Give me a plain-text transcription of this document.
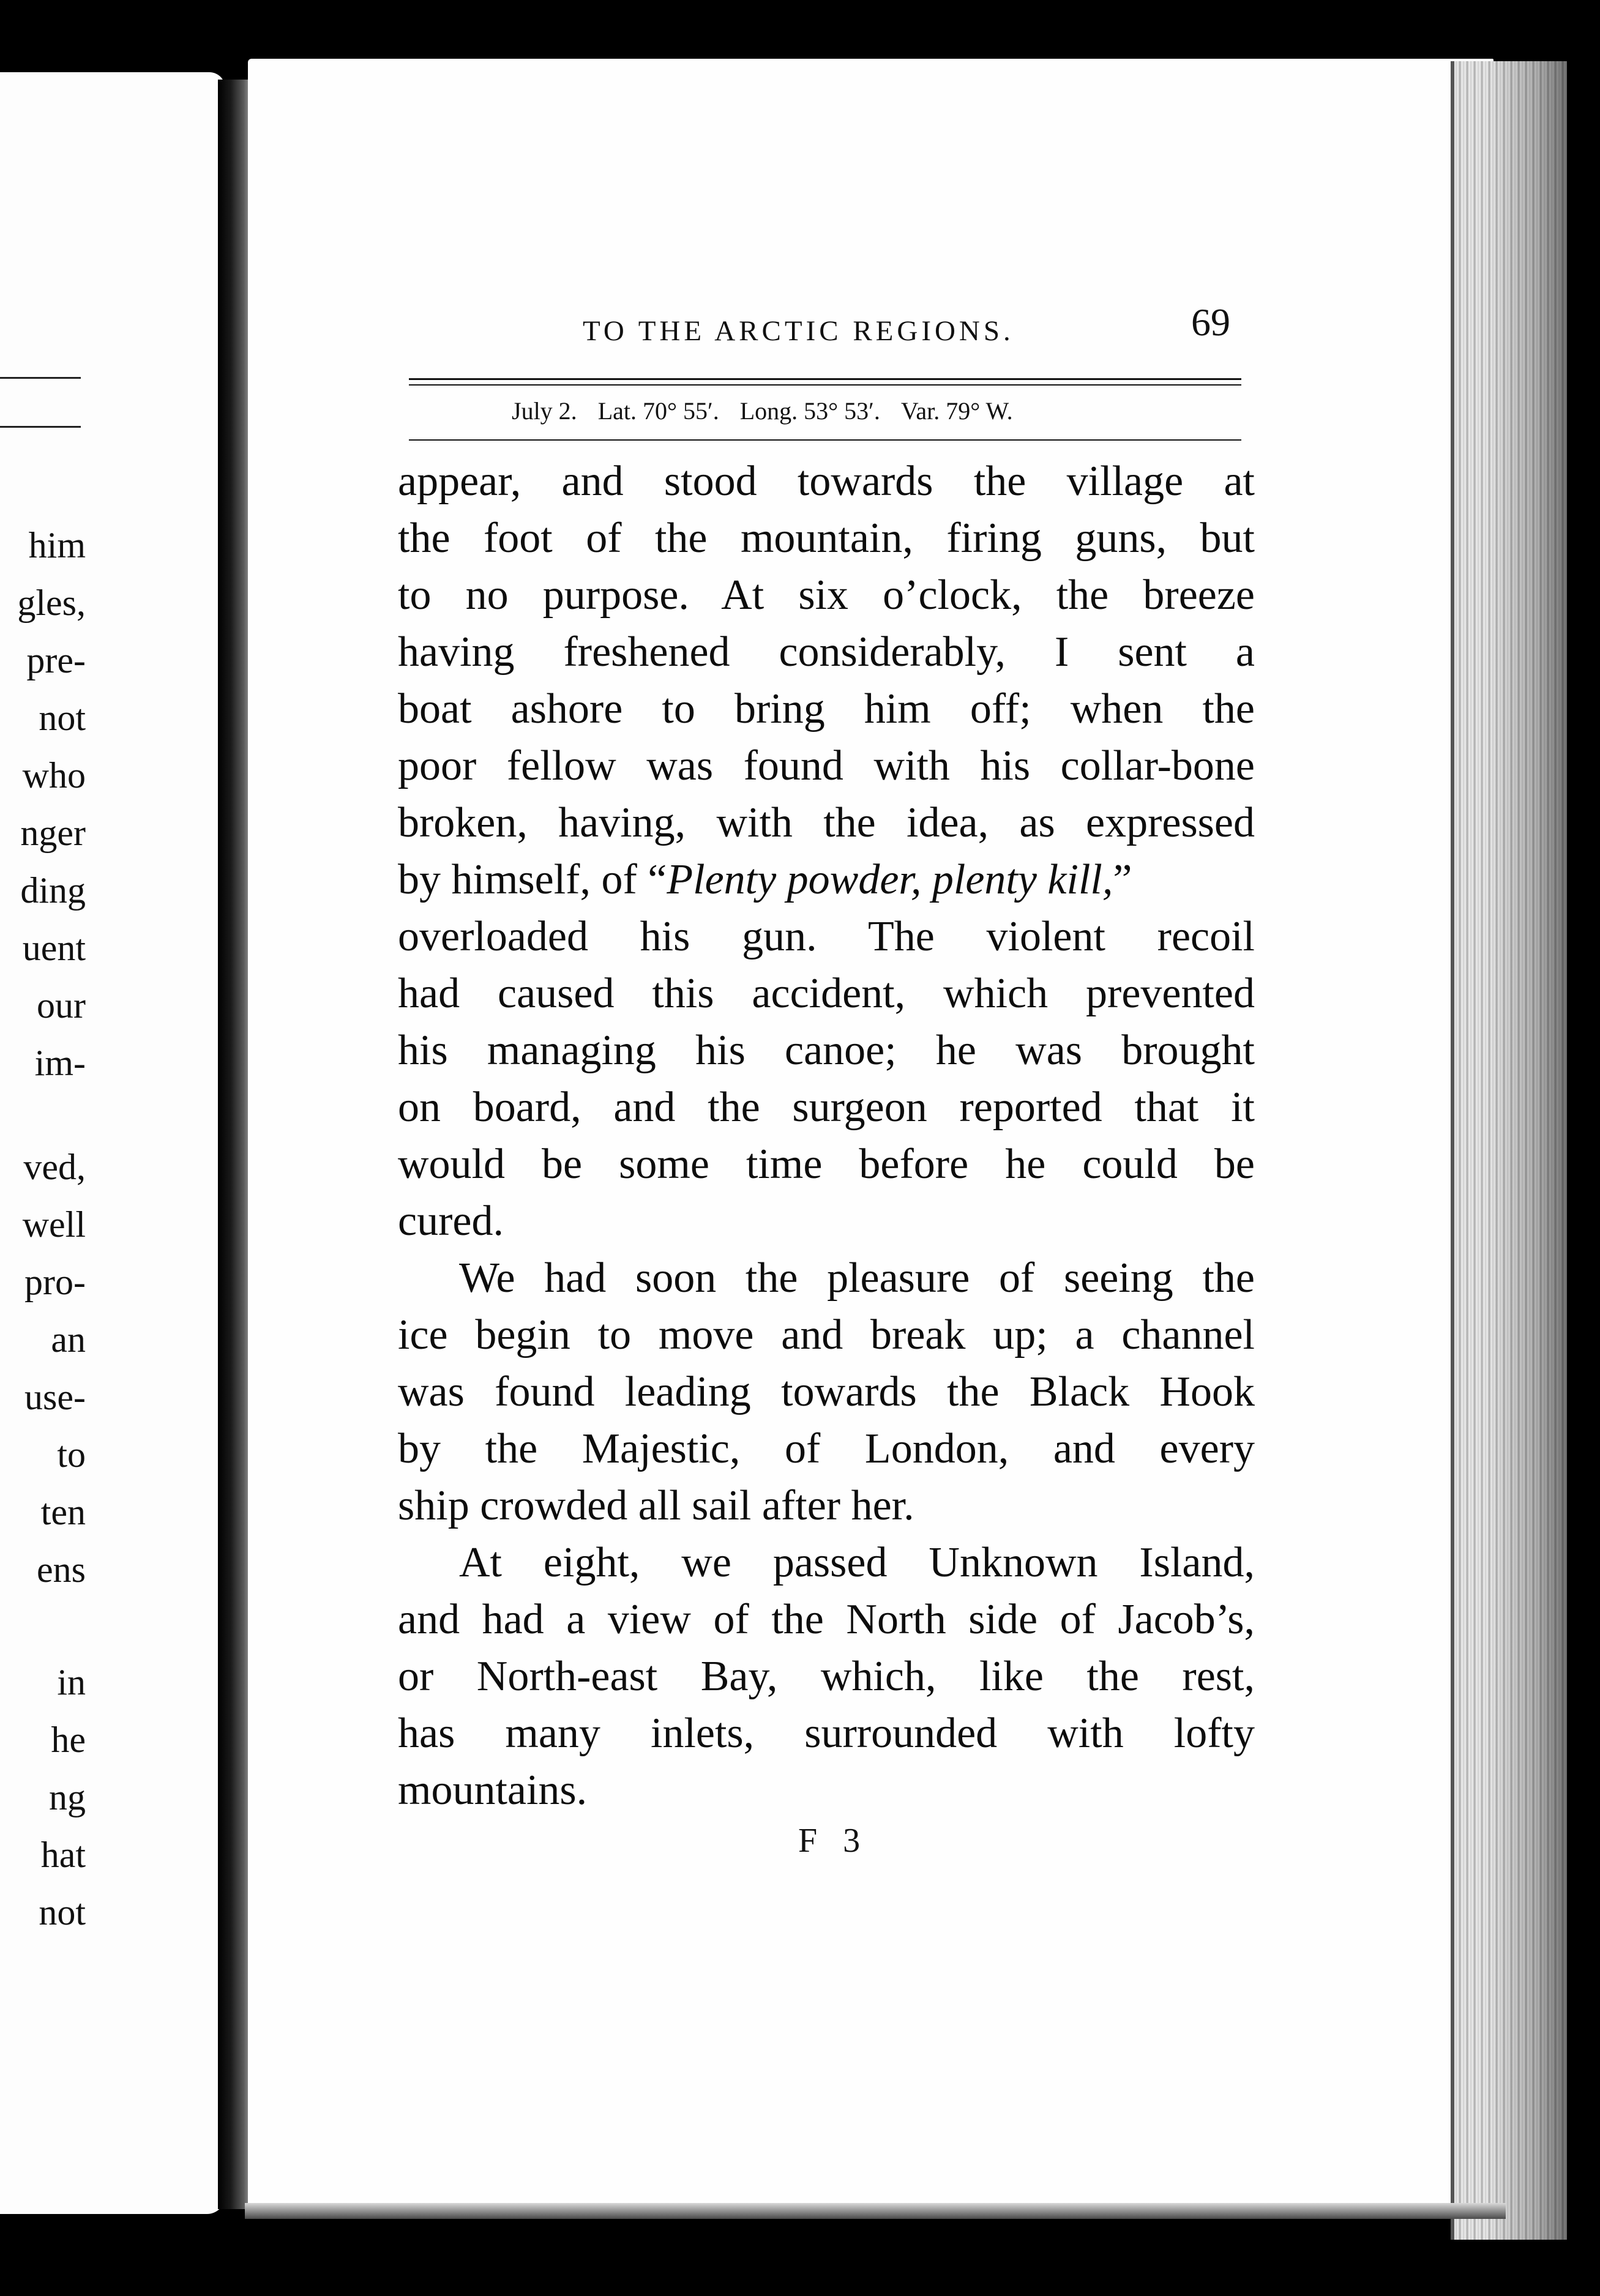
him
gles,
pre-
not
who
nger
ding
uent
our
im-
ved,
well
pro-
an
use-
to
ten
ens
in
he
ng
hat
not
TO THE ARCTIC REGIONS.	69
July 2. Lat. 70° 55′. Long. 53° 53′. Var. 79° W.
appear, and stood towards the village at
the foot of the mountain, firing guns, but
to no purpose. At six o’clock, the breeze
having freshened considerably, I sent a
boat ashore to bring him off; when the
poor fellow was found with his collar-bone
broken, having, with the idea, as expressed
by himself, of “Plenty powder, plenty kill,”
overloaded his gun. The violent recoil
had caused this accident, which prevented
his managing his canoe; he was brought
on board, and the surgeon reported that it
would be some time before he could be
cured.
We had soon the pleasure of seeing the
ice begin to move and break up; a channel
was found leading towards the Black Hook
by the Majestic, of London, and every
ship crowded all sail after her.
At eight, we passed Unknown Island,
and had a view of the North side of Jacob’s,
or North-east Bay, which, like the rest,
has many inlets, surrounded with lofty
mountains.
F 3
